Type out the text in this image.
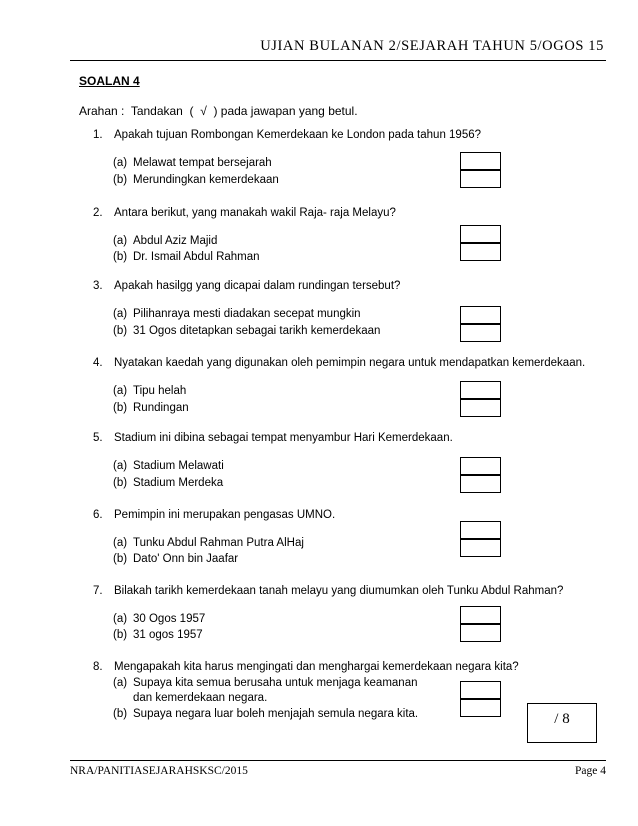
UJIAN BULANAN 2/SEJARAH TAHUN 5/OGOS 15
SOALAN 4
Arahan :  Tandakan  (  √  ) pada jawapan yang betul.
1. Apakah tujuan Rombongan Kemerdekaan ke London pada tahun 1956?
(a) Melawat tempat bersejarah
(b) Merundingkan kemerdekaan
2. Antara berikut, yang manakah wakil Raja- raja Melayu?
(a) Abdul Aziz Majid
(b) Dr. Ismail Abdul Rahman
3. Apakah hasilgg yang dicapai dalam rundingan tersebut?
(a) Pilihanraya mesti diadakan secepat mungkin
(b) 31 Ogos ditetapkan sebagai tarikh kemerdekaan
4. Nyatakan kaedah yang digunakan oleh pemimpin negara untuk mendapatkan kemerdekaan.
(a) Tipu helah
(b) Rundingan
5. Stadium ini dibina sebagai tempat menyambur Hari Kemerdekaan.
(a) Stadium Melawati
(b) Stadium Merdeka
6. Pemimpin ini merupakan pengasas UMNO.
(a) Tunku Abdul Rahman Putra AlHaj
(b) Dato' Onn bin Jaafar
7. Bilakah tarikh kemerdekaan tanah melayu yang diumumkan oleh Tunku Abdul Rahman?
(a) 30 Ogos 1957
(b) 31 ogos 1957
8. Mengapakah kita harus mengingati dan menghargai kemerdekaan negara kita?
(a) Supaya kita semua berusaha untuk menjaga keamanan
dan kemerdekaan negara.
(b) Supaya negara luar boleh menjajah semula negara kita.	/ 8
NRA/PANITIASEJARAHSKSC/2015	Page 4
